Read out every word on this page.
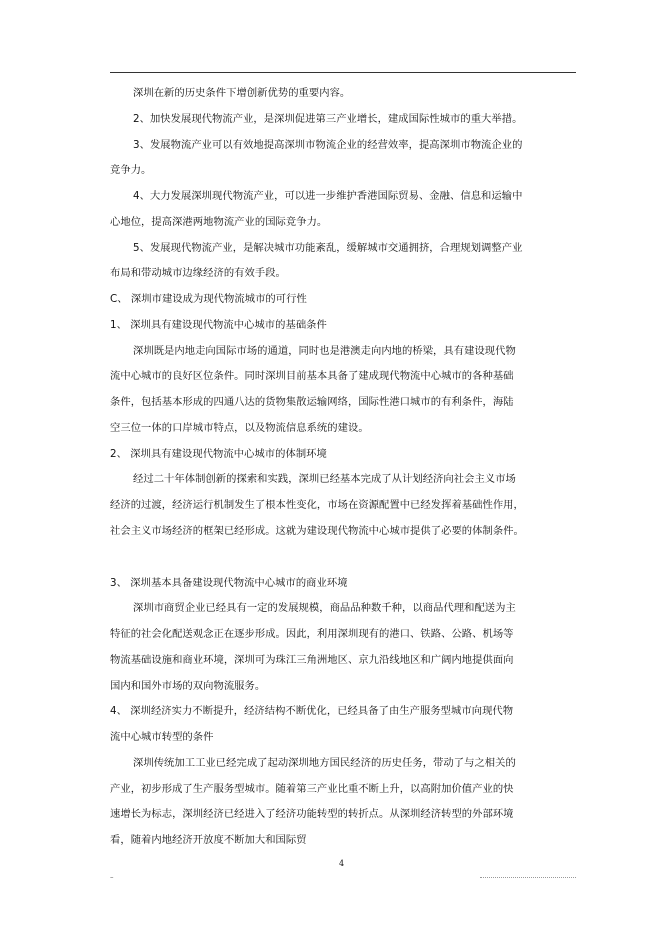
深圳在新的历史条件下增创新优势的重要内容。
2、加快发展现代物流产业，是深圳促进第三产业增长，建成国际性城市的重大举措。
3、发展物流产业可以有效地提高深圳市物流企业的经营效率，提高深圳市物流企业的
竞争力。
4、大力发展深圳现代物流产业，可以进一步维护香港国际贸易、金融、信息和运输中
心地位，提高深港两地物流产业的国际竞争力。
5、发展现代物流产业，是解决城市功能紊乱，缓解城市交通拥挤，合理规划调整产业
布局和带动城市边缘经济的有效手段。
C、 深圳市建设成为现代物流城市的可行性
1、 深圳具有建设现代物流中心城市的基础条件
深圳既是内地走向国际市场的通道，同时也是港澳走向内地的桥梁，具有建设现代物
流中心城市的良好区位条件。同时深圳目前基本具备了建成现代物流中心城市的各种基础
条件，包括基本形成的四通八达的货物集散运输网络，国际性港口城市的有利条件，海陆
空三位一体的口岸城市特点，以及物流信息系统的建设。
2、 深圳具有建设现代物流中心城市的体制环境
经过二十年体制创新的探索和实践，深圳已经基本完成了从计划经济向社会主义市场
经济的过渡，经济运行机制发生了根本性变化，市场在资源配置中已经发挥着基础性作用，
社会主义市场经济的框架已经形成。这就为建设现代物流中心城市提供了必要的体制条件。
3、 深圳基本具备建设现代物流中心城市的商业环境
深圳市商贸企业已经具有一定的发展规模，商品品种数千种，以商品代理和配送为主
特征的社会化配送观念正在逐步形成。因此，利用深圳现有的港口、铁路、公路、机场等
物流基础设施和商业环境，深圳可为珠江三角洲地区、京九沿线地区和广阔内地提供面向
国内和国外市场的双向物流服务。
4、 深圳经济实力不断提升，经济结构不断优化，已经具备了由生产服务型城市向现代物
流中心城市转型的条件
深圳传统加工工业已经完成了起动深圳地方国民经济的历史任务，带动了与之相关的
产业，初步形成了生产服务型城市。随着第三产业比重不断上升，以高附加价值产业的快
速增长为标志，深圳经济已经进入了经济功能转型的转折点。从深圳经济转型的外部环境
看，随着内地经济开放度不断加大和国际贸
4
–
